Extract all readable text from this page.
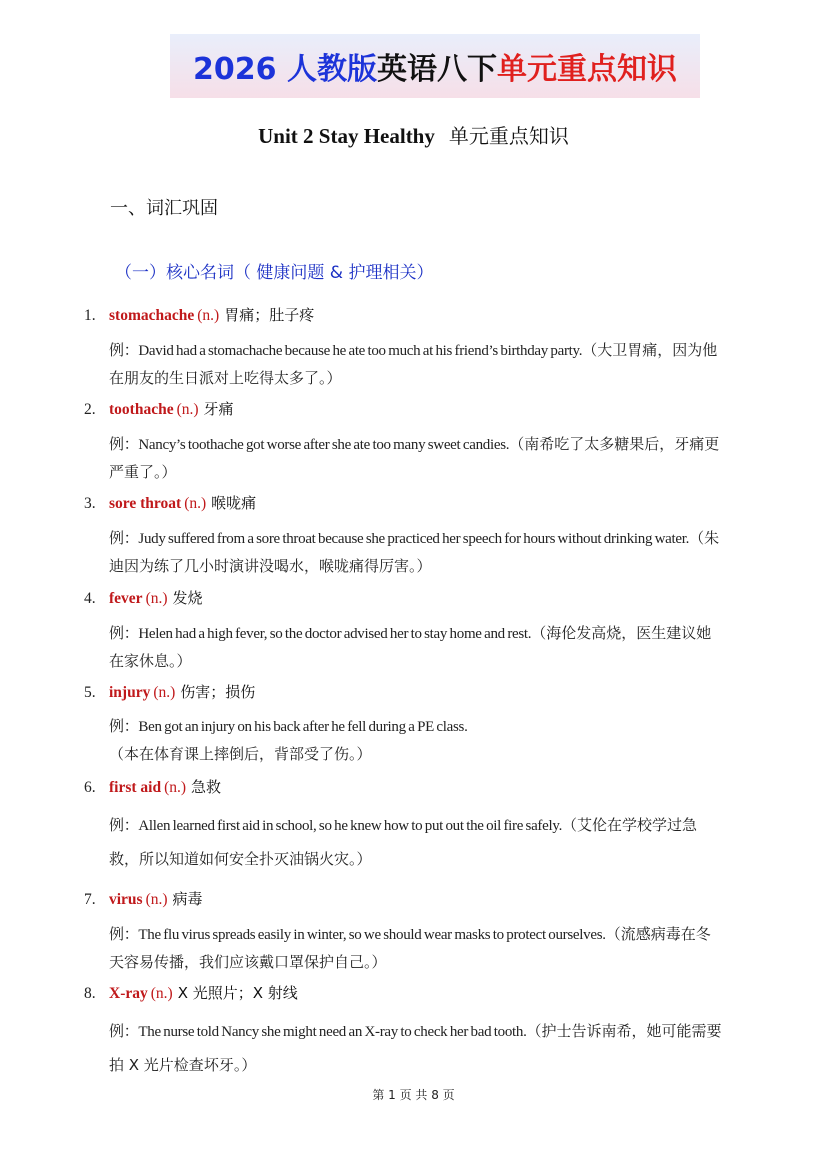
2026 人教版 英语八下 单元重点知识
Unit 2 Stay Healthy 单元重点知识
一、词汇巩固
（一）核心名词（ 健康问题 & 护理相关）
1. stomachache (n.) 胃痛；肚子疼
例：David had a stomachache because he ate too much at his friend’s birthday party.（大卫胃痛，因为他在朋友的生日派对上吃得太多了。）
2. toothache (n.) 牙痛
例：Nancy’s toothache got worse after she ate too many sweet candies.（南希吃了太多糖果后，牙痛更严重了。）
3. sore throat (n.) 喉咙痛
例：Judy suffered from a sore throat because she practiced her speech for hours without drinking water.（朱迪因为练了几小时演讲没喝水，喉咙痛得厉害。）
4. fever (n.) 发烧
例：Helen had a high fever, so the doctor advised her to stay home and rest.（海伦发高烧，医生建议她在家休息。）
5. injury (n.) 伤害；损伤
例：Ben got an injury on his back after he fell during a PE class.（本在体育课上摔倒后，背部受了伤。）
6. first aid (n.) 急救
例：Allen learned first aid in school, so he knew how to put out the oil fire safely.（艾伦在学校学过急救，所以知道如何安全扑灭油锅火灾。）
7. virus (n.) 病毒
例：The flu virus spreads easily in winter, so we should wear masks to protect ourselves.（流感病毒在冬天容易传播，我们应该戴口罩保护自己。）
8. X-ray (n.) X 光照片；X 射线
例：The nurse told Nancy she might need an X-ray to check her bad tooth.（护士告诉南希，她可能需要拍 X 光片检查坏牙。）
第 1 页 共 8 页
